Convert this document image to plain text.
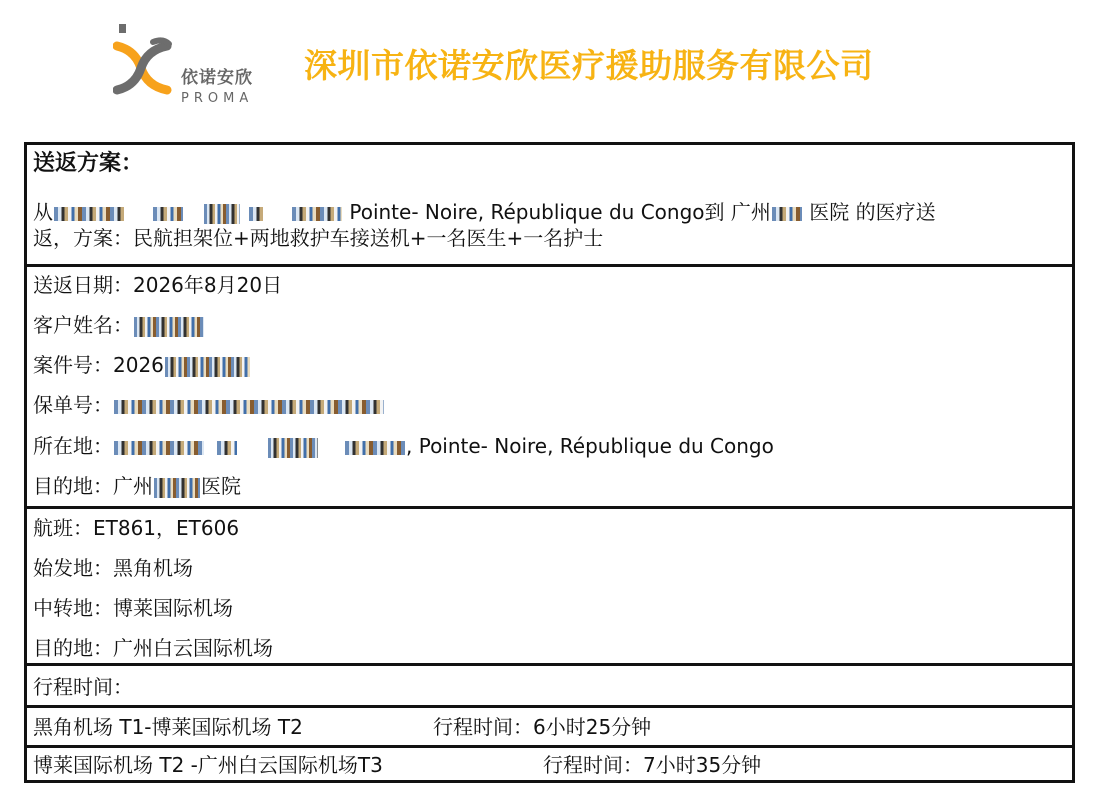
依诺安欣
PROMA
深圳市依诺安欣医疗援助服务有限公司
送返方案：
从	Pointe- Noire, République du Congo到 广州 医院 的医疗送
返，方案：民航担架位+两地救护车接送机+一名医生+一名护士
送返日期：2026年8月20日
客户姓名：
案件号：2026
保单号：
所在地：	, Pointe- Noire, République du Congo
目的地：广州 医院
航班：ET861，ET606
始发地：黑角机场
中转地：博莱国际机场
目的地：广州白云国际机场
行程时间：
黑角机场 T1-博莱国际机场 T2	行程时间：6小时25分钟
博莱国际机场 T2 -广州白云国际机场T3	行程时间：7小时35分钟
